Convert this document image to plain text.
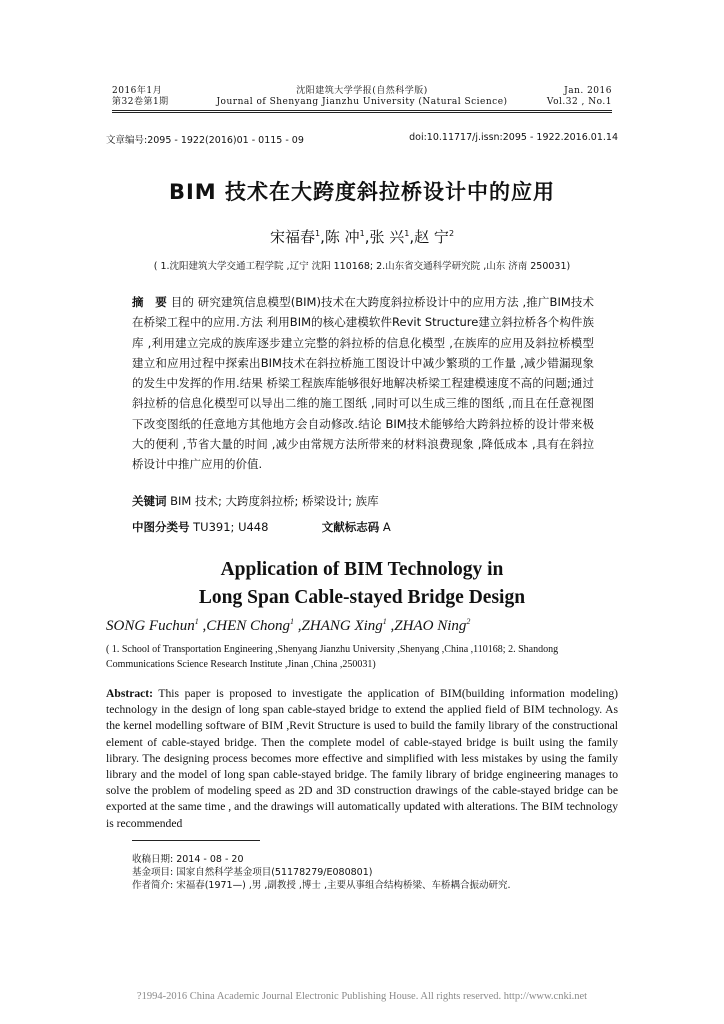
2016年1月
第32卷第1期
沈阳建筑大学学报(自然科学版)
Journal of Shenyang Jianzhu University (Natural Science)
Jan. 2016
Vol.32 , No.1
文章编号:2095 - 1922(2016)01 - 0115 - 09	doi:10.11717/j.issn:2095 - 1922.2016.01.14
BIM 技术在大跨度斜拉桥设计中的应用
宋福春$^1$,陈 冲$^1$,张 兴$^1$,赵 宁$^2$
( 1.沈阳建筑大学交通工程学院 ,辽宁 沈阳 110168; 2.山东省交通科学研究院 ,山东 济南 250031)
摘　要 目的 研究建筑信息模型(BIM)技术在大跨度斜拉桥设计中的应用方法 ,推广BIM技术在桥梁工程中的应用.方法 利用BIM的核心建模软件Revit Structure建立斜拉桥各个构件族库 ,利用建立完成的族库逐步建立完整的斜拉桥的信息化模型 ,在族库的应用及斜拉桥模型建立和应用过程中探索出BIM技术在斜拉桥施工图设计中减少繁琐的工作量 ,减少错漏现象的发生中发挥的作用.结果 桥梁工程族库能够很好地解决桥梁工程建模速度不高的问题;通过斜拉桥的信息化模型可以导出二维的施工图纸 ,同时可以生成三维的图纸 ,而且在任意视图下改变图纸的任意地方其他地方会自动修改.结论 BIM技术能够给大跨斜拉桥的设计带来极大的便利 ,节省大量的时间 ,减少由常规方法所带来的材料浪费现象 ,降低成本 ,具有在斜拉桥设计中推广应用的价值.
关键词 BIM 技术; 大跨度斜拉桥; 桥梁设计; 族库
中图分类号 TU391; U448	文献标志码 A
Application of BIM Technology in
Long Span Cable-stayed Bridge Design
SONG Fuchun$^1$ ,CHEN Chong$^1$ ,ZHANG Xing$^1$ ,ZHAO Ning$^2$
( 1. School of Transportation Engineering ,Shenyang Jianzhu University ,Shenyang ,China ,110168; 2. Shandong Communications Science Research Institute ,Jinan ,China ,250031)
Abstract: This paper is proposed to investigate the application of BIM(building information modeling) technology in the design of long span cable-stayed bridge to extend the applied field of BIM technology. As the kernel modelling software of BIM ,Revit Structure is used to build the family library of the constructional element of cable-stayed bridge. Then the complete model of cable-stayed bridge is built using the family library. The designing process becomes more effective and simplified with less mistakes by using the family library and the model of long span cable-stayed bridge. The family library of bridge engineering manages to solve the problem of modeling speed as 2D and 3D construction drawings of the cable-stayed bridge can be exported at the same time , and the drawings will automatically updated with alterations. The BIM technology is recommended
收稿日期: 2014 - 08 - 20
基金项目: 国家自然科学基金项目(51178279/E080801)
作者简介: 宋福春(1971—) ,男 ,副教授 ,博士 ,主要从事组合结构桥梁、车桥耦合振动研究.
?1994-2016 China Academic Journal Electronic Publishing House. All rights reserved. http://www.cnki.net
